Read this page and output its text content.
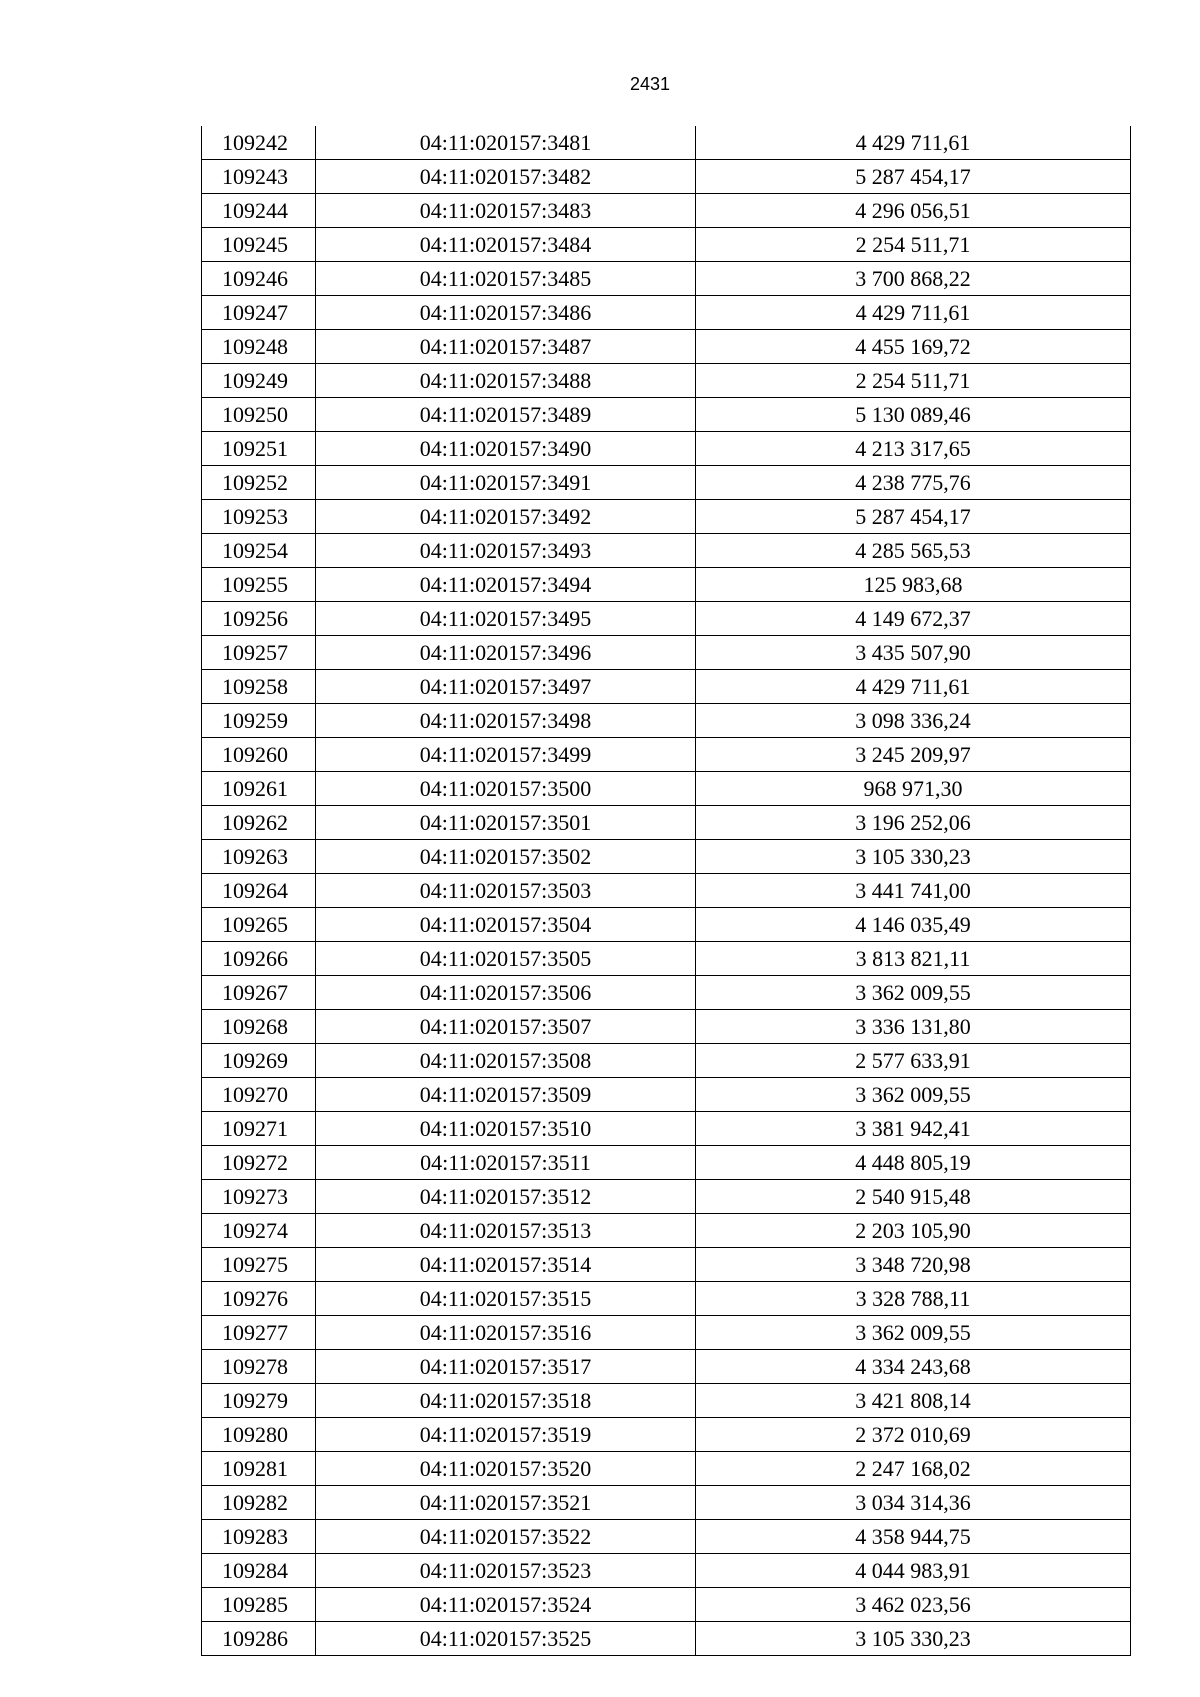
2431
109242	04:11:020157:3481	4 429 711,61
109243	04:11:020157:3482	5 287 454,17
109244	04:11:020157:3483	4 296 056,51
109245	04:11:020157:3484	2 254 511,71
109246	04:11:020157:3485	3 700 868,22
109247	04:11:020157:3486	4 429 711,61
109248	04:11:020157:3487	4 455 169,72
109249	04:11:020157:3488	2 254 511,71
109250	04:11:020157:3489	5 130 089,46
109251	04:11:020157:3490	4 213 317,65
109252	04:11:020157:3491	4 238 775,76
109253	04:11:020157:3492	5 287 454,17
109254	04:11:020157:3493	4 285 565,53
109255	04:11:020157:3494	125 983,68
109256	04:11:020157:3495	4 149 672,37
109257	04:11:020157:3496	3 435 507,90
109258	04:11:020157:3497	4 429 711,61
109259	04:11:020157:3498	3 098 336,24
109260	04:11:020157:3499	3 245 209,97
109261	04:11:020157:3500	968 971,30
109262	04:11:020157:3501	3 196 252,06
109263	04:11:020157:3502	3 105 330,23
109264	04:11:020157:3503	3 441 741,00
109265	04:11:020157:3504	4 146 035,49
109266	04:11:020157:3505	3 813 821,11
109267	04:11:020157:3506	3 362 009,55
109268	04:11:020157:3507	3 336 131,80
109269	04:11:020157:3508	2 577 633,91
109270	04:11:020157:3509	3 362 009,55
109271	04:11:020157:3510	3 381 942,41
109272	04:11:020157:3511	4 448 805,19
109273	04:11:020157:3512	2 540 915,48
109274	04:11:020157:3513	2 203 105,90
109275	04:11:020157:3514	3 348 720,98
109276	04:11:020157:3515	3 328 788,11
109277	04:11:020157:3516	3 362 009,55
109278	04:11:020157:3517	4 334 243,68
109279	04:11:020157:3518	3 421 808,14
109280	04:11:020157:3519	2 372 010,69
109281	04:11:020157:3520	2 247 168,02
109282	04:11:020157:3521	3 034 314,36
109283	04:11:020157:3522	4 358 944,75
109284	04:11:020157:3523	4 044 983,91
109285	04:11:020157:3524	3 462 023,56
109286	04:11:020157:3525	3 105 330,23
